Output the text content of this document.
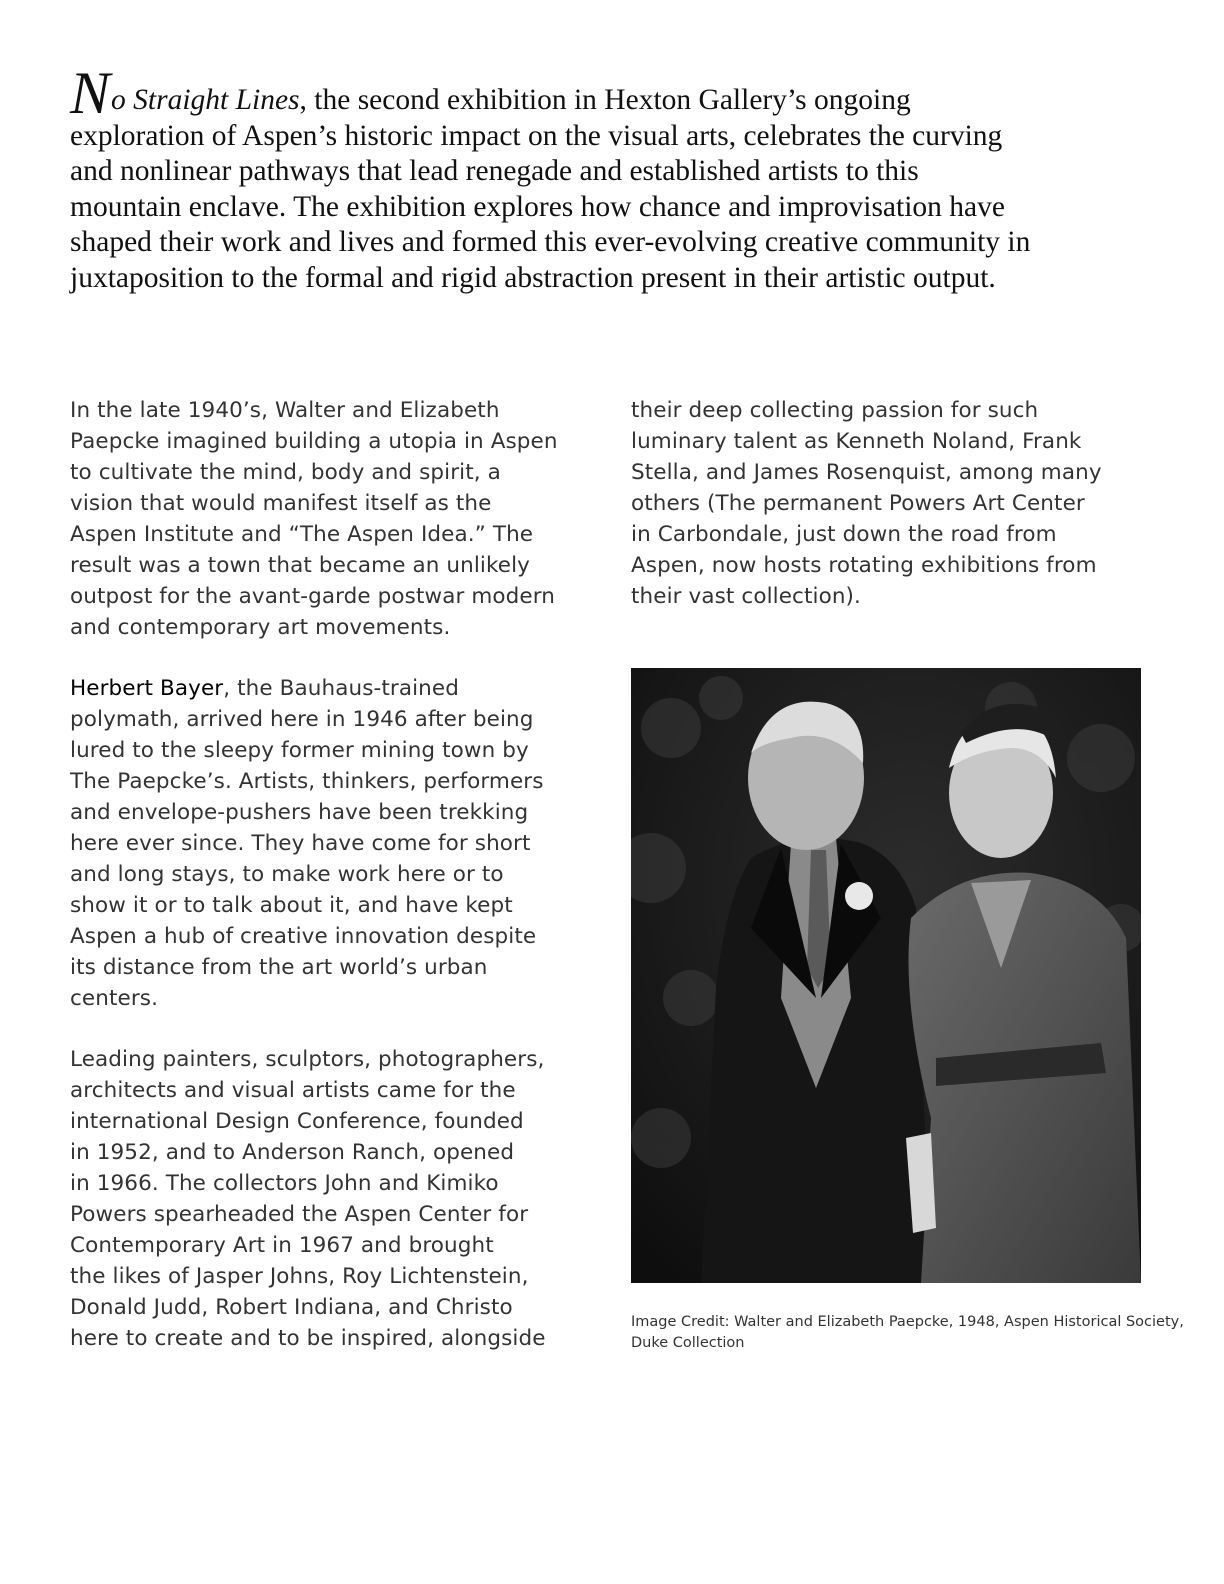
No Straight Lines, the second exhibition in Hexton Gallery’s ongoing
exploration of Aspen’s historic impact on the visual arts, celebrates the curving
and nonlinear pathways that lead renegade and established artists to this
mountain enclave. The exhibition explores how chance and improvisation have
shaped their work and lives and formed this ever-evolving creative community in
juxtaposition to the formal and rigid abstraction present in their artistic output.
In the late 1940’s, Walter and Elizabeth
Paepcke imagined building a utopia in Aspen
to cultivate the mind, body and spirit, a
vision that would manifest itself as the
Aspen Institute and “The Aspen Idea.” The
result was a town that became an unlikely
outpost for the avant-garde postwar modern
and contemporary art movements.
Herbert Bayer, the Bauhaus-trained
polymath, arrived here in 1946 after being
lured to the sleepy former mining town by
The Paepcke’s. Artists, thinkers, performers
and envelope-pushers have been trekking
here ever since. They have come for short
and long stays, to make work here or to
show it or to talk about it, and have kept
Aspen a hub of creative innovation despite
its distance from the art world’s urban
centers.
Leading painters, sculptors, photographers,
architects and visual artists came for the
international Design Conference, founded
in 1952, and to Anderson Ranch, opened
in 1966. The collectors John and Kimiko
Powers spearheaded the Aspen Center for
Contemporary Art in 1967 and brought
the likes of Jasper Johns, Roy Lichtenstein,
Donald Judd, Robert Indiana, and Christo
here to create and to be inspired, alongside
their deep collecting passion for such
luminary talent as Kenneth Noland, Frank
Stella, and James Rosenquist, among many
others (The permanent Powers Art Center
in Carbondale, just down the road from
Aspen, now hosts rotating exhibitions from
their vast collection).
Image Credit: Walter and Elizabeth Paepcke, 1948, Aspen Historical Society,
Duke Collection
